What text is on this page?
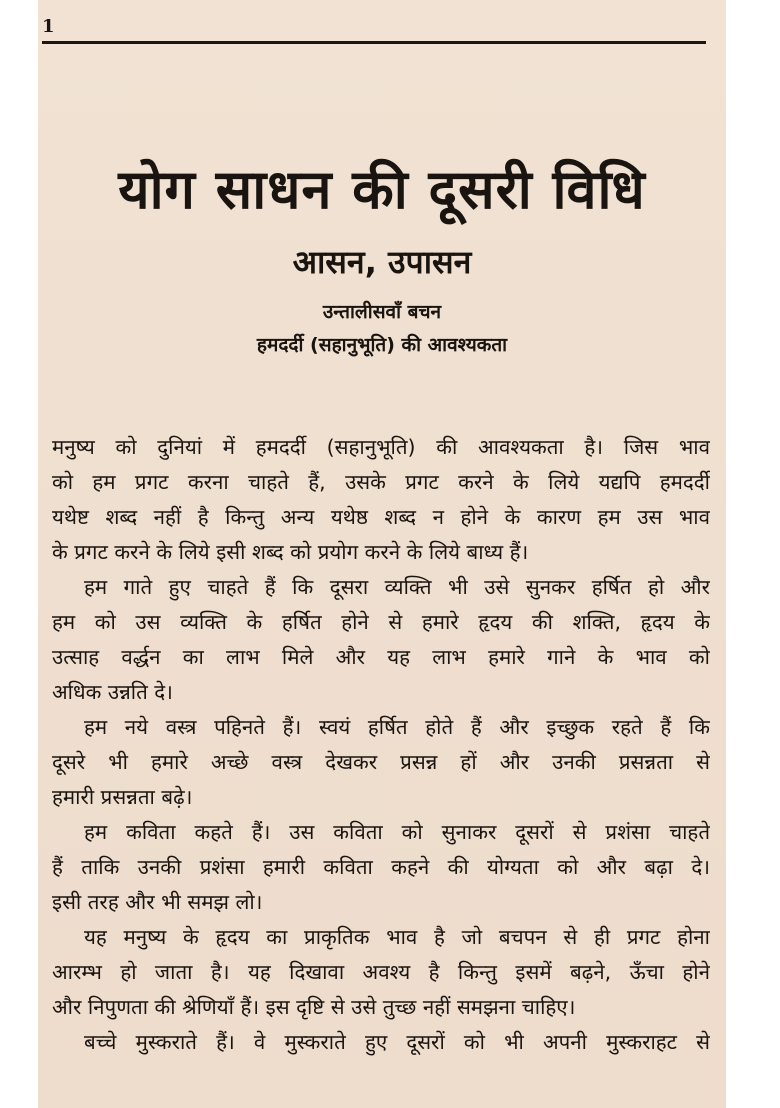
1
योग साधन की दूसरी विधि
आसन, उपासन
उन्तालीसवाँ बचन
हमदर्दी (सहानुभूति) की आवश्यकता
मनुष्य को दुनियां में हमदर्दी (सहानुभूति) की आवश्यकता है। जिस भाव
को हम प्रगट करना चाहते हैं, उसके प्रगट करने के लिये यद्यपि हमदर्दी
यथेष्ट शब्द नहीं है किन्तु अन्य यथेष्ठ शब्द न होने के कारण हम उस भाव
के प्रगट करने के लिये इसी शब्द को प्रयोग करने के लिये बाध्य हैं।
हम गाते हुए चाहते हैं कि दूसरा व्यक्ति भी उसे सुनकर हर्षित हो और
हम को उस व्यक्ति के हर्षित होने से हमारे हृदय की शक्ति, हृदय के
उत्साह वर्द्धन का लाभ मिले और यह लाभ हमारे गाने के भाव को
अधिक उन्नति दे।
हम नये वस्त्र पहिनते हैं। स्वयं हर्षित होते हैं और इच्छुक रहते हैं कि
दूसरे भी हमारे अच्छे वस्त्र देखकर प्रसन्न हों और उनकी प्रसन्नता से
हमारी प्रसन्नता बढ़े।
हम कविता कहते हैं। उस कविता को सुनाकर दूसरों से प्रशंसा चाहते
हैं ताकि उनकी प्रशंसा हमारी कविता कहने की योग्यता को और बढ़ा दे।
इसी तरह और भी समझ लो।
यह मनुष्य के हृदय का प्राकृतिक भाव है जो बचपन से ही प्रगट होना
आरम्भ हो जाता है। यह दिखावा अवश्य है किन्तु इसमें बढ़ने, ऊँचा होने
और निपुणता की श्रेणियाँ हैं। इस दृष्टि से उसे तुच्छ नहीं समझना चाहिए।
बच्चे मुस्कराते हैं। वे मुस्कराते हुए दूसरों को भी अपनी मुस्कराहट से
